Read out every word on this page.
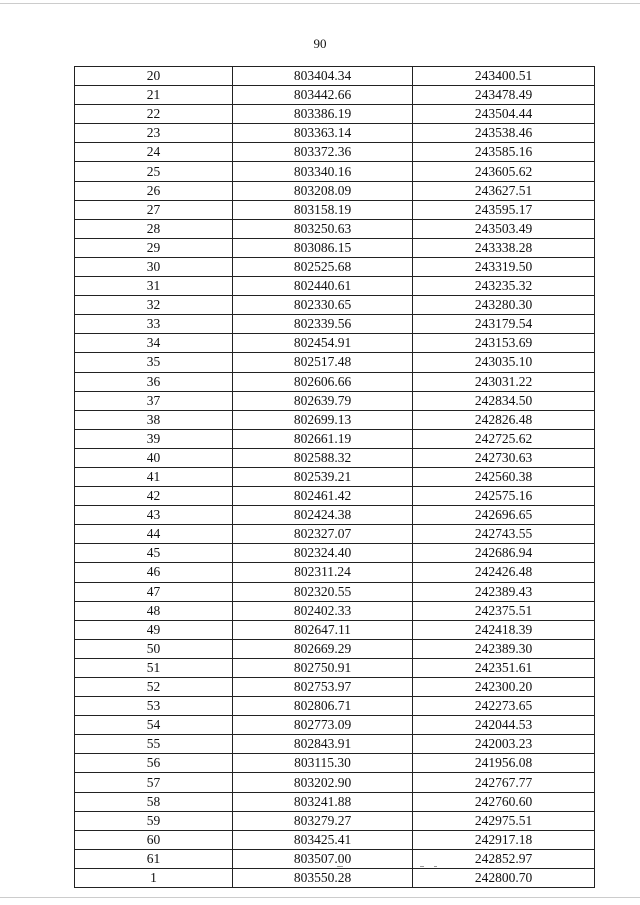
90
20	803404.34	243400.51
21	803442.66	243478.49
22	803386.19	243504.44
23	803363.14	243538.46
24	803372.36	243585.16
25	803340.16	243605.62
26	803208.09	243627.51
27	803158.19	243595.17
28	803250.63	243503.49
29	803086.15	243338.28
30	802525.68	243319.50
31	802440.61	243235.32
32	802330.65	243280.30
33	802339.56	243179.54
34	802454.91	243153.69
35	802517.48	243035.10
36	802606.66	243031.22
37	802639.79	242834.50
38	802699.13	242826.48
39	802661.19	242725.62
40	802588.32	242730.63
41	802539.21	242560.38
42	802461.42	242575.16
43	802424.38	242696.65
44	802327.07	242743.55
45	802324.40	242686.94
46	802311.24	242426.48
47	802320.55	242389.43
48	802402.33	242375.51
49	802647.11	242418.39
50	802669.29	242389.30
51	802750.91	242351.61
52	802753.97	242300.20
53	802806.71	242273.65
54	802773.09	242044.53
55	802843.91	242003.23
56	803115.30	241956.08
57	803202.90	242767.77
58	803241.88	242760.60
59	803279.27	242975.51
60	803425.41	242917.18
61	803507.00	242852.97
1	803550.28	242800.70
